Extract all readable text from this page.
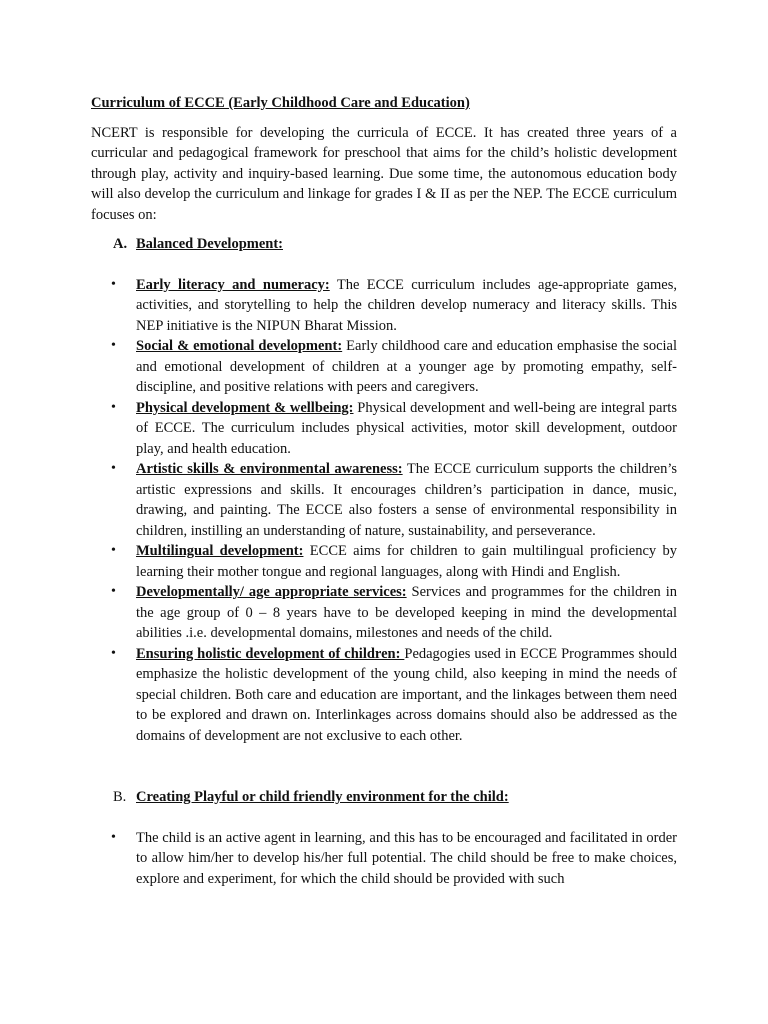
Curriculum of ECCE (Early Childhood Care and Education)
NCERT is responsible for developing the curricula of ECCE. It has created three years of a curricular and pedagogical framework for preschool that aims for the child’s holistic development through play, activity and inquiry-based learning. Due some time, the autonomous education body will also develop the curriculum and linkage for grades I & II as per the NEP. The ECCE curriculum focuses on:
A. Balanced Development:
• Early literacy and numeracy: The ECCE curriculum includes age-appropriate games, activities, and storytelling to help the children develop numeracy and literacy skills. This NEP initiative is the NIPUN Bharat Mission.
• Social & emotional development: Early childhood care and education emphasise the social and emotional development of children at a younger age by promoting empathy, self-discipline, and positive relations with peers and caregivers.
• Physical development & wellbeing: Physical development and well-being are integral parts of ECCE. The curriculum includes physical activities, motor skill development, outdoor play, and health education.
• Artistic skills & environmental awareness: The ECCE curriculum supports the children’s artistic expressions and skills. It encourages children’s participation in dance, music, drawing, and painting. The ECCE also fosters a sense of environmental responsibility in children, instilling an understanding of nature, sustainability, and perseverance.
• Multilingual development: ECCE aims for children to gain multilingual proficiency by learning their mother tongue and regional languages, along with Hindi and English.
• Developmentally/ age appropriate services: Services and programmes for the children in the age group of 0 – 8 years have to be developed keeping in mind the developmental abilities .i.e. developmental domains, milestones and needs of the child.
• Ensuring holistic development of children: Pedagogies used in ECCE Programmes should emphasize the holistic development of the young child, also keeping in mind the needs of special children. Both care and education are important, and the linkages between them need to be explored and drawn on. Interlinkages across domains should also be addressed as the domains of development are not exclusive to each other.
B. Creating Playful or child friendly environment for the child:
• The child is an active agent in learning, and this has to be encouraged and facilitated in order to allow him/her to develop his/her full potential. The child should be free to make choices, explore and experiment, for which the child should be provided with such
